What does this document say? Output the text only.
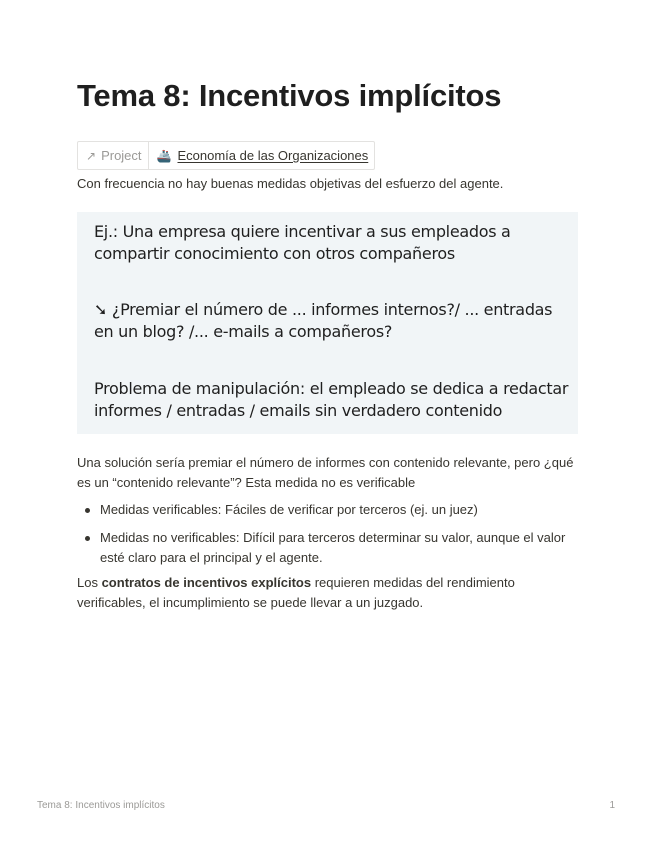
Tema 8: Incentivos implícitos
↗ Project 🚢 Economía de las Organizaciones

Con frecuencia no hay buenas medidas objetivas del esfuerzo del agente.

Ej.: Una empresa quiere incentivar a sus empleados a compartir conocimiento con otros compañeros

➘ ¿Premiar el número de ... informes internos?/ ... entradas en un blog? /... e-mails a compañeros?

Problema de manipulación: el empleado se dedica a redactar informes / entradas / emails sin verdadero contenido

Una solución sería premiar el número de informes con contenido relevante, pero ¿qué es un “contenido relevante”? Esta medida no es verificable

Medidas verificables: Fáciles de verificar por terceros (ej. un juez)
Medidas no verificables: Difícil para terceros determinar su valor, aunque el valor esté claro para el principal y el agente.

Los contratos de incentivos explícitos requieren medidas del rendimiento verificables, el incumplimiento se puede llevar a un juzgado.

Tema 8: Incentivos implícitos	1
